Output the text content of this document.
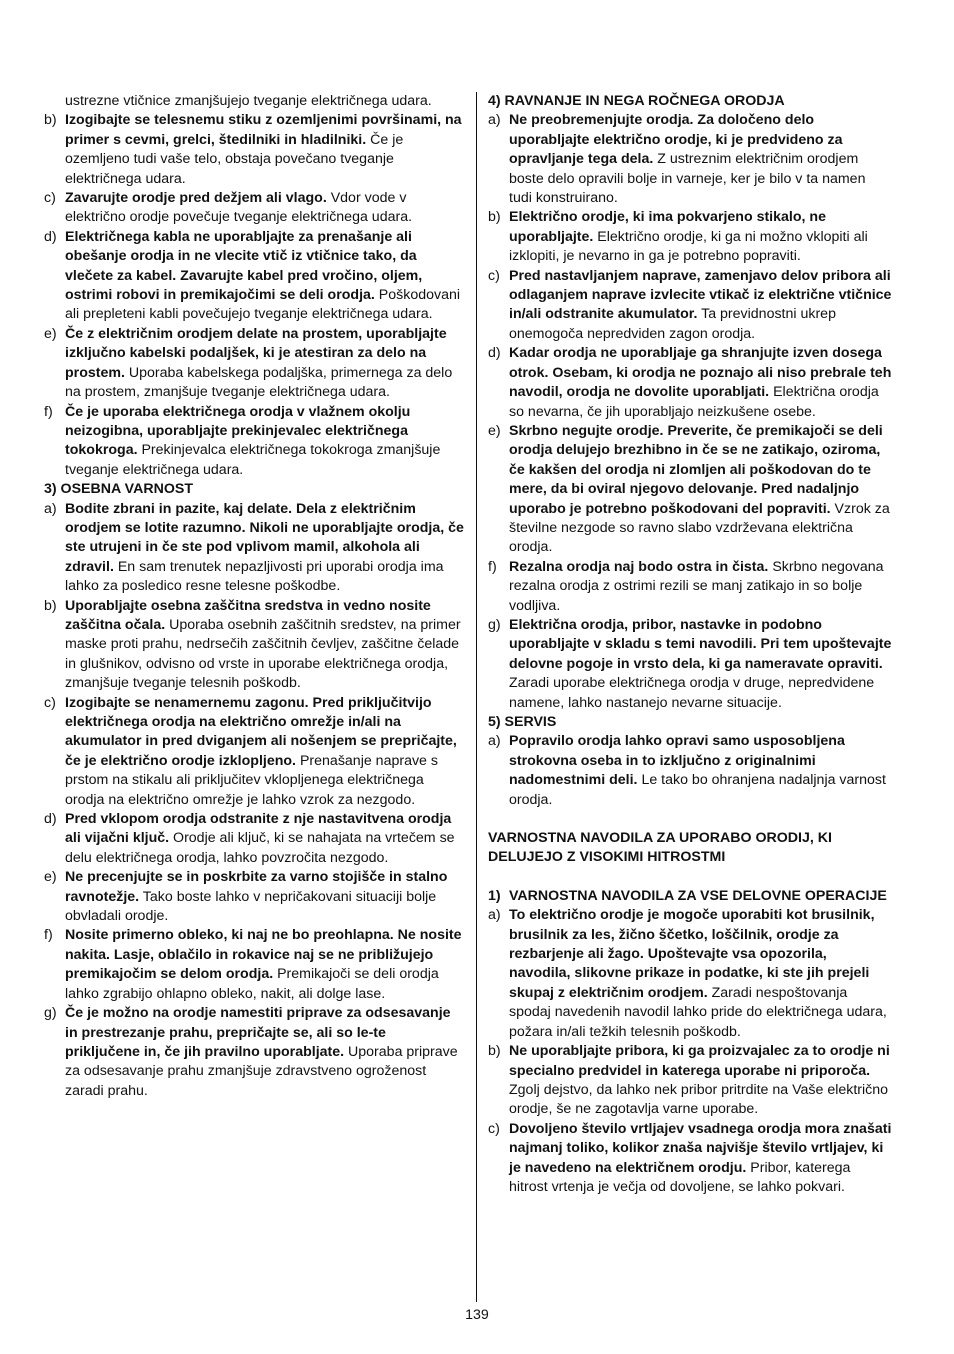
ustrezne vtičnice zmanjšujejo tveganje električnega udara.
b) Izogibajte se telesnemu stiku z ozemljenimi površinami, na primer s cevmi, grelci, štedilniki in hladilniki. Če je ozemljeno tudi vaše telo, obstaja povečano tveganje električnega udara.
c) Zavarujte orodje pred dežjem ali vlago. Vdor vode v električno orodje povečuje tveganje električnega udara.
d) Električnega kabla ne uporabljajte za prenašanje ali obešanje orodja in ne vlecite vtič iz vtičnice tako, da vlečete za kabel. Zavarujte kabel pred vročino, oljem, ostrimi robovi in premikajočimi se deli orodja. Poškodovani ali prepleteni kabli povečujejo tveganje električnega udara.
e) Če z električnim orodjem delate na prostem, uporabljajte izključno kabelski podaljšek, ki je atestiran za delo na prostem. Uporaba kabelskega podaljška, primernega za delo na prostem, zmanjšuje tveganje električnega udara.
f) Če je uporaba električnega orodja v vlažnem okolju neizogibna, uporabljajte prekinjevalec električnega tokokroga. Prekinjevalca električnega tokokroga zmanjšuje tveganje električnega udara.
3) OSEBNA VARNOST
a) Bodite zbrani in pazite, kaj delate. Dela z električnim orodjem se lotite razumno. Nikoli ne uporabljajte orodja, če ste utrujeni in če ste pod vplivom mamil, alkohola ali zdravil. En sam trenutek nepazljivosti pri uporabi orodja ima lahko za posledico resne telesne poškodbe.
b) Uporabljajte osebna zaščitna sredstva in vedno nosite zaščitna očala. Uporaba osebnih zaščitnih sredstev, na primer maske proti prahu, nedrsečih zaščitnih čevljev, zaščitne čelade in glušnikov, odvisno od vrste in uporabe električnega orodja, zmanjšuje tveganje telesnih poškodb.
c) Izogibajte se nenamernemu zagonu. Pred priključitvijo električnega orodja na električno omrežje in/ali na akumulator in pred dviganjem ali nošenjem se prepričajte, če je električno orodje izklopljeno. Prenašanje naprave s prstom na stikalu ali priključitev vklopljenega električnega orodja na električno omrežje je lahko vzrok za nezgodo.
d) Pred vklopom orodja odstranite z nje nastavitvena orodja ali vijačni ključ. Orodje ali ključ, ki se nahajata na vrtečem se delu električnega orodja, lahko povzročita nezgodo.
e) Ne precenjujte se in poskrbite za varno stojišče in stalno ravnotežje. Tako boste lahko v nepričakovani situaciji bolje obvladali orodje.
f) Nosite primerno obleko, ki naj ne bo preohlapna. Ne nosite nakita. Lasje, oblačilo in rokavice naj se ne približujejo premikajočim se delom orodja. Premikajoči se deli orodja lahko zgrabijo ohlapno obleko, nakit, ali dolge lase.
g) Če je možno na orodje namestiti priprave za odsesavanje in prestrezanje prahu, prepričajte se, ali so le-te priključene in, če jih pravilno uporabljate. Uporaba priprave za odsesavanje prahu zmanjšuje zdravstveno ogroženost zaradi prahu.
4) RAVNANJE IN NEGA ROČNEGA ORODJA
a) Ne preobremenjujte orodja. Za določeno delo uporabljajte električno orodje, ki je predvideno za opravljanje tega dela. Z ustreznim električnim orodjem boste delo opravili bolje in varneje, ker je bilo v ta namen tudi konstruirano.
b) Električno orodje, ki ima pokvarjeno stikalo, ne uporabljajte. Električno orodje, ki ga ni možno vklopiti ali izklopiti, je nevarno in ga je potrebno popraviti.
c) Pred nastavljanjem naprave, zamenjavo delov pribora ali odlaganjem naprave izvlecite vtikač iz električne vtičnice in/ali odstranite akumulator. Ta previdnostni ukrep onemogoča nepredviden zagon orodja.
d) Kadar orodja ne uporabljaje ga shranjujte izven dosega otrok. Osebam, ki orodja ne poznajo ali niso prebrale teh navodil, orodja ne dovolite uporabljati. Električna orodja so nevarna, če jih uporabljajo neizkušene osebe.
e) Skrbno negujte orodje. Preverite, če premikajoči se deli orodja delujejo brezhibno in če se ne zatikajo, oziroma, če kakšen del orodja ni zlomljen ali poškodovan do te mere, da bi oviral njegovo delovanje. Pred nadaljnjo uporabo je potrebno poškodovani del popraviti. Vzrok za številne nezgode so ravno slabo vzdrževana električna orodja.
f) Rezalna orodja naj bodo ostra in čista. Skrbno negovana rezalna orodja z ostrimi rezili se manj zatikajo in so bolje vodljiva.
g) Električna orodja, pribor, nastavke in podobno uporabljajte v skladu s temi navodili. Pri tem upoštevajte delovne pogoje in vrsto dela, ki ga nameravate opraviti. Zaradi uporabe električnega orodja v druge, nepredvidene namene, lahko nastanejo nevarne situacije.
5) SERVIS
a) Popravilo orodja lahko opravi samo usposobljena strokovna oseba in to izključno z originalnimi nadomestnimi deli. Le tako bo ohranjena nadaljnja varnost orodja.
VARNOSTNA NAVODILA ZA UPORABO ORODIJ, KI DELUJEJO Z VISOKIMI HITROSTMI
1) VARNOSTNA NAVODILA ZA VSE DELOVNE OPERACIJE
a) To električno orodje je mogoče uporabiti kot brusilnik, brusilnik za les, žično ščetko, loščilnik, orodje za rezbarjenje ali žago. Upoštevajte vsa opozorila, navodila, slikovne prikaze in podatke, ki ste jih prejeli skupaj z električnim orodjem. Zaradi nespoštovanja spodaj navedenih navodil lahko pride do električnega udara, požara in/ali težkih telesnih poškodb.
b) Ne uporabljajte pribora, ki ga proizvajalec za to orodje ni specialno predvidel in katerega uporabe ni priporoča. Zgolj dejstvo, da lahko nek pribor pritrdite na Vaše električno orodje, še ne zagotavlja varne uporabe.
c) Dovoljeno število vrtljajev vsadnega orodja mora znašati najmanj toliko, kolikor znaša najvišje število vrtljajev, ki je navedeno na električnem orodju. Pribor, katerega hitrost vrtenja je večja od dovoljene, se lahko pokvari.
139
